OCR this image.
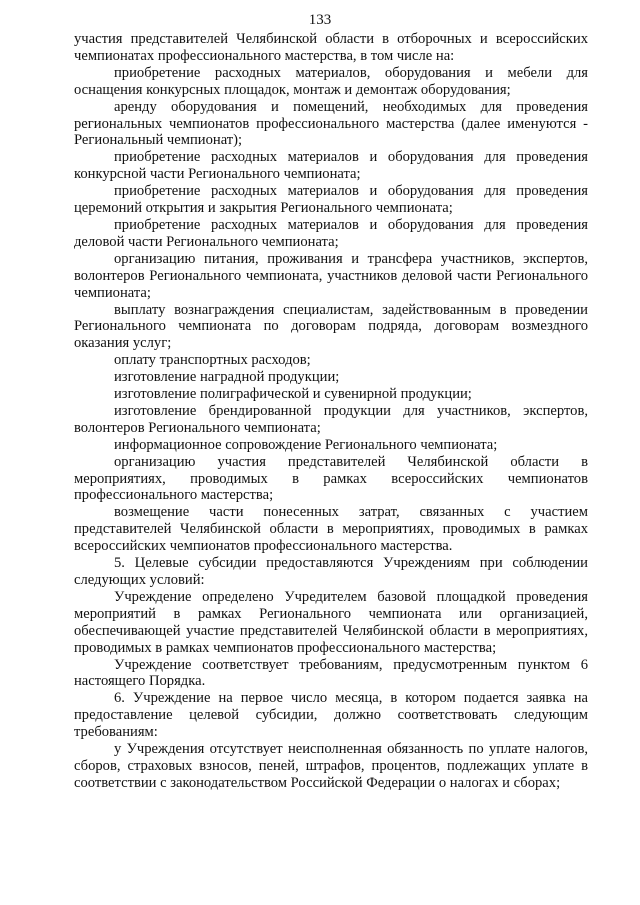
133

участия представителей Челябинской области в отборочных и всероссийских чемпионатах профессионального мастерства, в том числе на:

приобретение расходных материалов, оборудования и мебели для оснащения конкурсных площадок, монтаж и демонтаж оборудования;

аренду оборудования и помещений, необходимых для проведения региональных чемпионатов профессионального мастерства (далее именуются - Региональный чемпионат);

приобретение расходных материалов и оборудования для проведения конкурсной части Регионального чемпионата;

приобретение расходных материалов и оборудования для проведения церемоний открытия и закрытия Регионального чемпионата;

приобретение расходных материалов и оборудования для проведения деловой части Регионального чемпионата;

организацию питания, проживания и трансфера участников, экспертов, волонтеров Регионального чемпионата, участников деловой части Регионального чемпионата;

выплату вознаграждения специалистам, задействованным в проведении Регионального чемпионата по договорам подряда, договорам возмездного оказания услуг;

оплату транспортных расходов;

изготовление наградной продукции;

изготовление полиграфической и сувенирной продукции;

изготовление брендированной продукции для участников, экспертов, волонтеров Регионального чемпионата;

информационное сопровождение Регионального чемпионата;

организацию участия представителей Челябинской области в мероприятиях, проводимых в рамках всероссийских чемпионатов профессионального мастерства;

возмещение части понесенных затрат, связанных с участием представителей Челябинской области в мероприятиях, проводимых в рамках всероссийских чемпионатов профессионального мастерства.

5. Целевые субсидии предоставляются Учреждениям при соблюдении следующих условий:

Учреждение определено Учредителем базовой площадкой проведения мероприятий в рамках Регионального чемпионата или организацией, обеспечивающей участие представителей Челябинской области в мероприятиях, проводимых в рамках чемпионатов профессионального мастерства;

Учреждение соответствует требованиям, предусмотренным пунктом 6 настоящего Порядка.

6. Учреждение на первое число месяца, в котором подается заявка на предоставление целевой субсидии, должно соответствовать следующим требованиям:

у Учреждения отсутствует неисполненная обязанность по уплате налогов, сборов, страховых взносов, пеней, штрафов, процентов, подлежащих уплате в соответствии с законодательством Российской Федерации о налогах и сборах;
